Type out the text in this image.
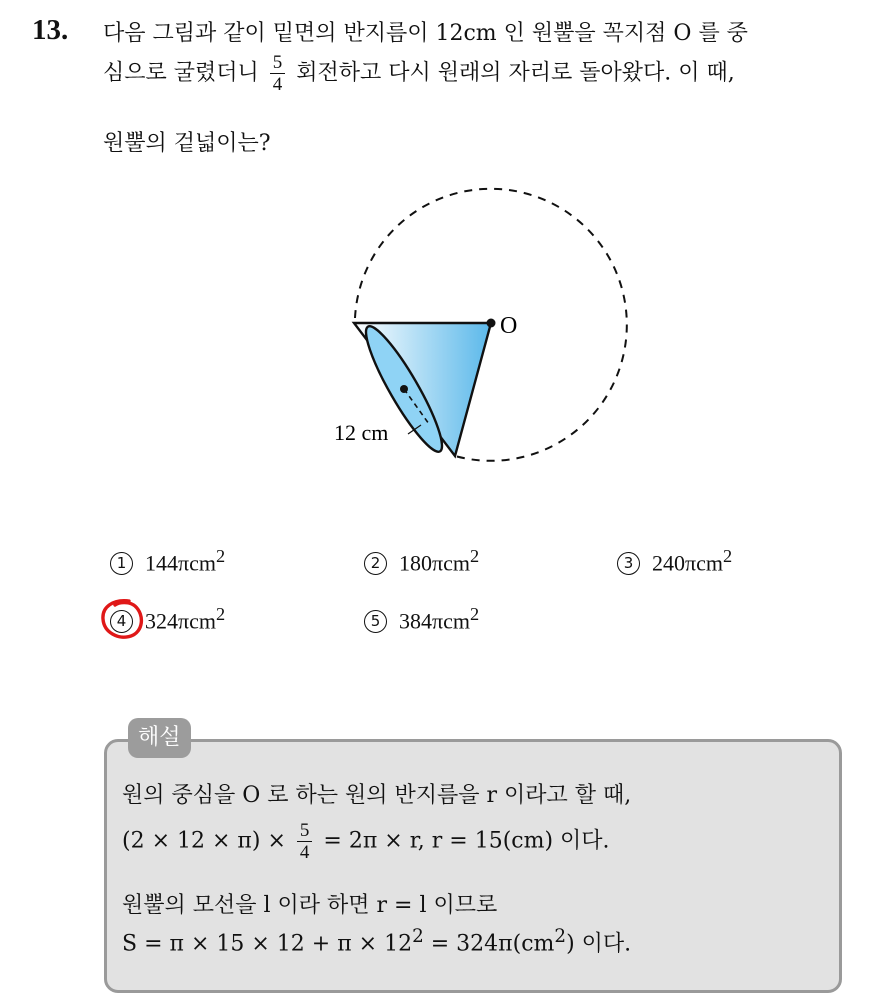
13. 다음 그림과 같이 밑면의 반지름이 12cm 인 원뿔을 꼭지점 O 를 중
심으로 굴렸더니 $\frac{5}{4}$ 회전하고 다시 원래의 자리로 돌아왔다. 이 때,
원뿔의 겉넓이는?
O
12 cm
1 144πcm$^2$	2 180πcm$^2$	3 240πcm$^2$
4 324πcm$^2$	5 384πcm$^2$
해설
원의 중심을 O 로 하는 원의 반지름을 r 이라고 할 때,
$(2 \times 12 \times \pi) \times \frac{5}{4} = 2\pi \times r$, r = 15(cm) 이다.
원뿔의 모선을 l 이라 하면 r = l 이므로
$S = \pi \times 15 \times 12 + \pi \times 12^2 = 324\pi(cm^2)$ 이다.
